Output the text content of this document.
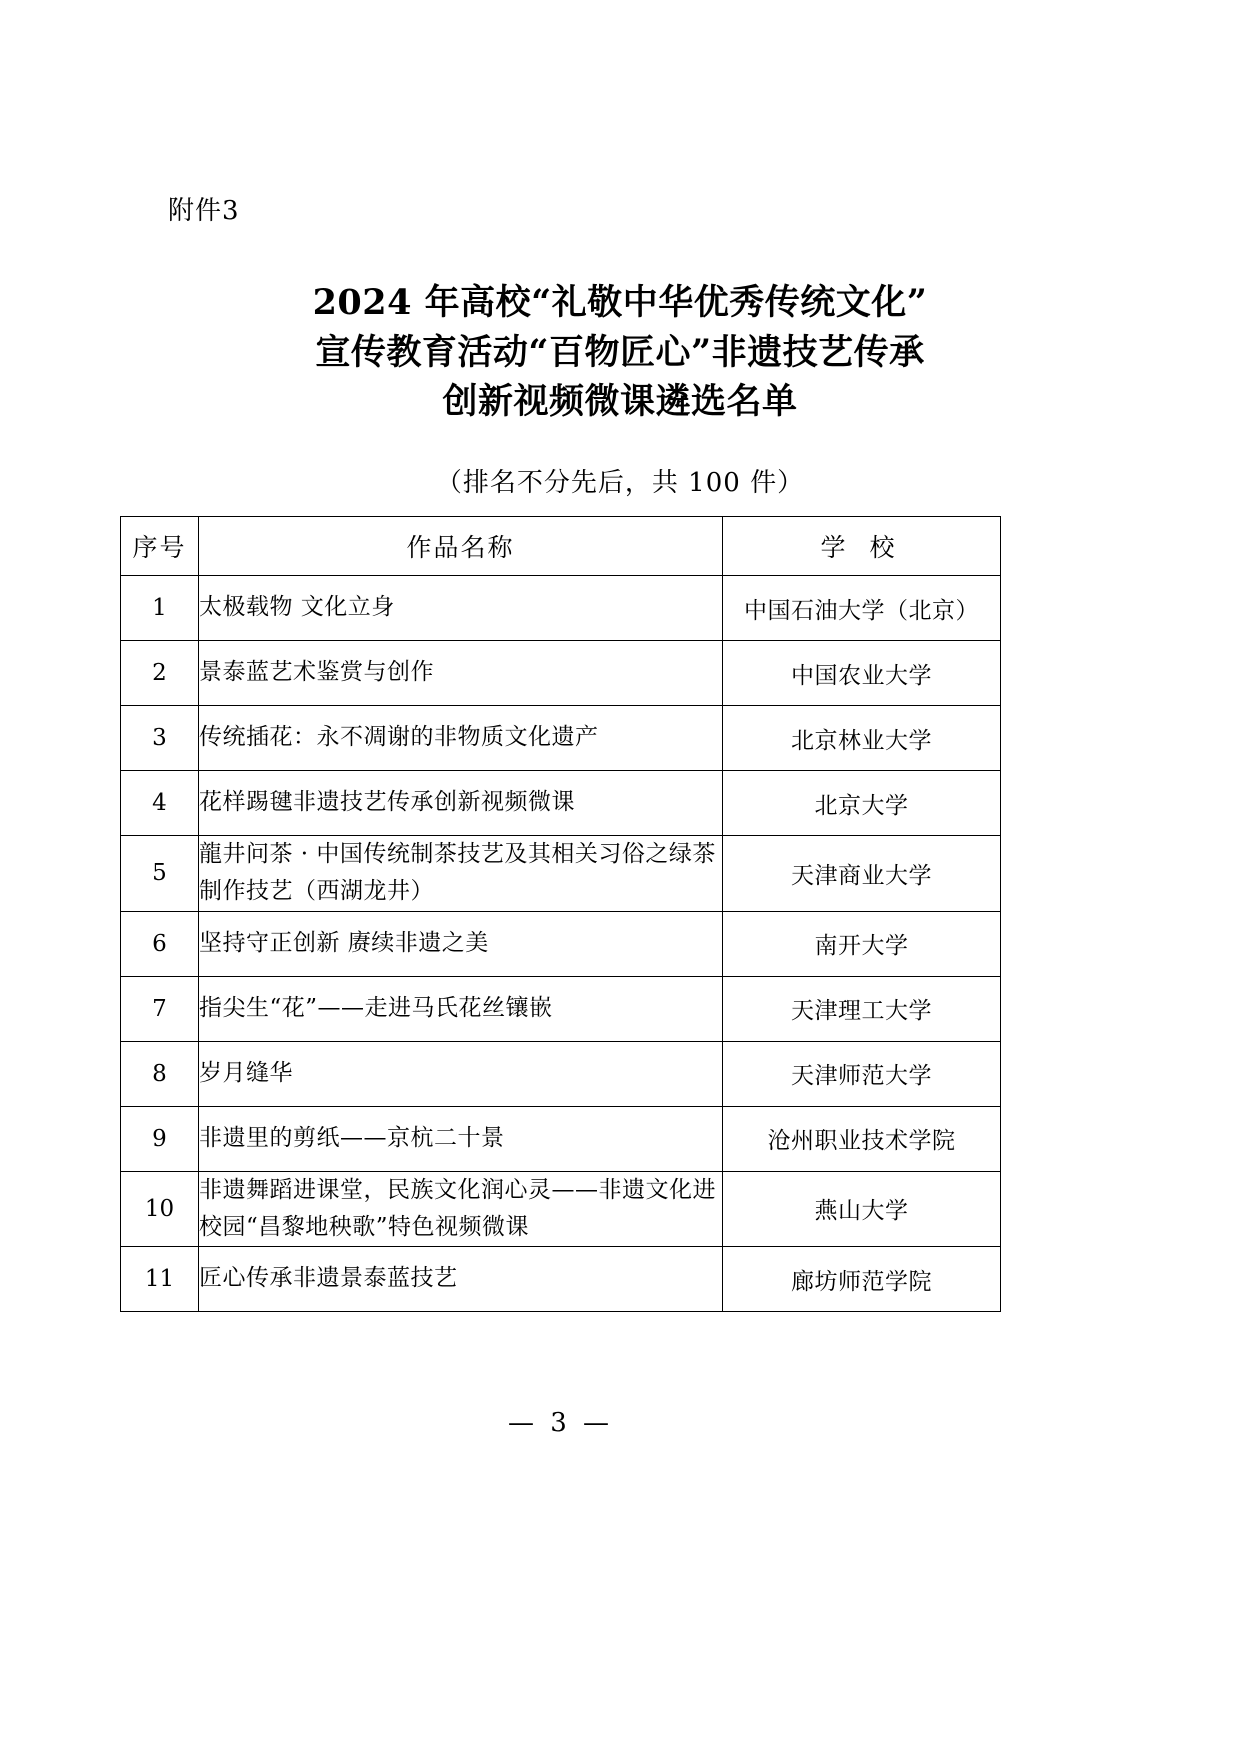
附件3
2024 年高校“礼敬中华优秀传统文化”
宣传教育活动“百物匠心”非遗技艺传承
创新视频微课遴选名单
（排名不分先后，共 100 件）
序号	作品名称	学 校
1	太极载物 文化立身	中国石油大学（北京）
2	景泰蓝艺术鉴赏与创作	中国农业大学
3	传统插花：永不凋谢的非物质文化遗产	北京林业大学
4	花样踢毽非遗技艺传承创新视频微课	北京大学
5	龍井问茶 · 中国传统制茶技艺及其相关习俗之绿茶制作技艺（西湖龙井）	天津商业大学
6	坚持守正创新 赓续非遗之美	南开大学
7	指尖生“花”——走进马氏花丝镶嵌	天津理工大学
8	岁月缝华	天津师范大学
9	非遗里的剪纸——京杭二十景	沧州职业技术学院
10	非遗舞蹈进课堂，民族文化润心灵——非遗文化进校园“昌黎地秧歌”特色视频微课	燕山大学
11	匠心传承非遗景泰蓝技艺	廊坊师范学院
— 3 —
